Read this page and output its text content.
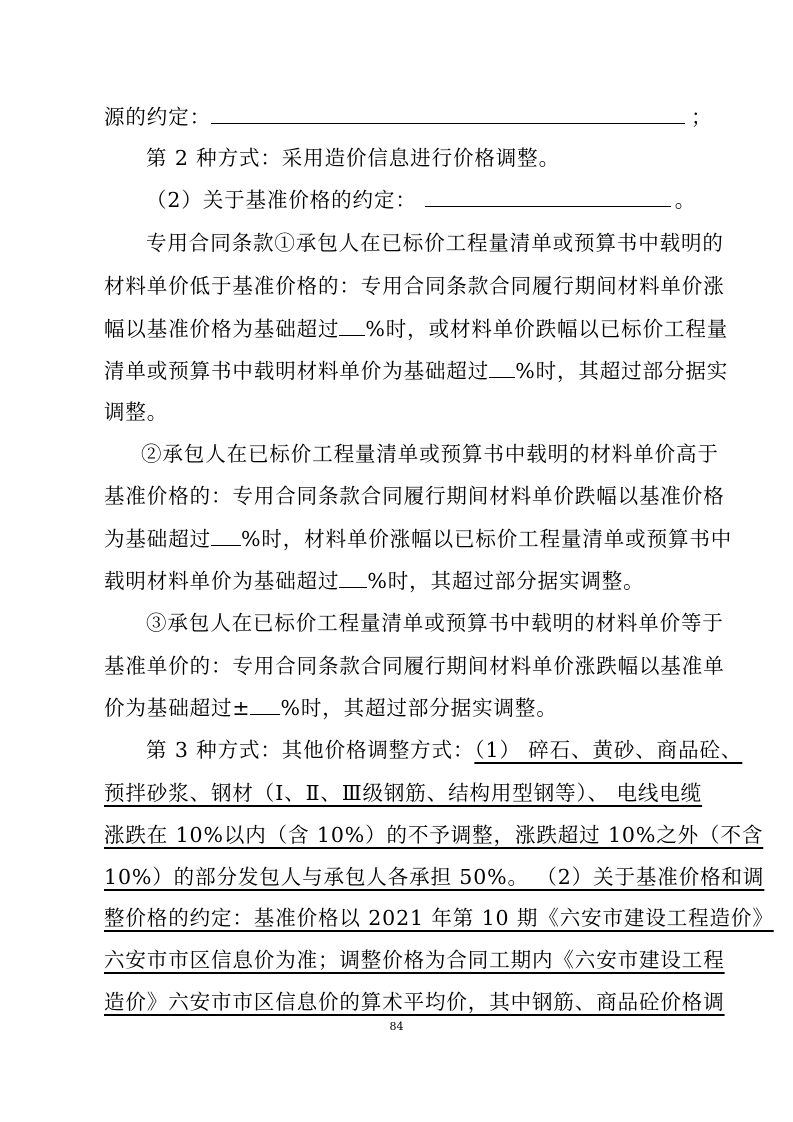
源的约定：	；
第 2 种方式：采用造价信息进行价格调整。
（2）关于基准价格的约定：	。
专用合同条款①承包人在已标价工程量清单或预算书中载明的
材料单价低于基准价格的：专用合同条款合同履行期间材料单价涨
幅以基准价格为基础超过 %时，或材料单价跌幅以已标价工程量
清单或预算书中载明材料单价为基础超过 %时，其超过部分据实
调整。
②承包人在已标价工程量清单或预算书中载明的材料单价高于
基准价格的：专用合同条款合同履行期间材料单价跌幅以基准价格
为基础超过 %时，材料单价涨幅以已标价工程量清单或预算书中
载明材料单价为基础超过 %时，其超过部分据实调整。
③承包人在已标价工程量清单或预算书中载明的材料单价等于
基准单价的：专用合同条款合同履行期间材料单价涨跌幅以基准单
价为基础超过± %时，其超过部分据实调整。
第 3 种方式：其他价格调整方式：（1） 碎石、黄砂、商品砼、
预拌砂浆、钢材（Ⅰ、Ⅱ、Ⅲ级钢筋、结构用型钢等）、 电线电缆
涨跌在 10%以内（含 10%）的不予调整，涨跌超过 10%之外（不含
10%）的部分发包人与承包人各承担 50%。 （2）关于基准价格和调
整价格的约定：基准价格以 2021 年第 10 期《六安市建设工程造价》
六安市市区信息价为准；调整价格为合同工期内《六安市建设工程
造价》六安市市区信息价的算术平均价，其中钢筋、商品砼价格调
84
